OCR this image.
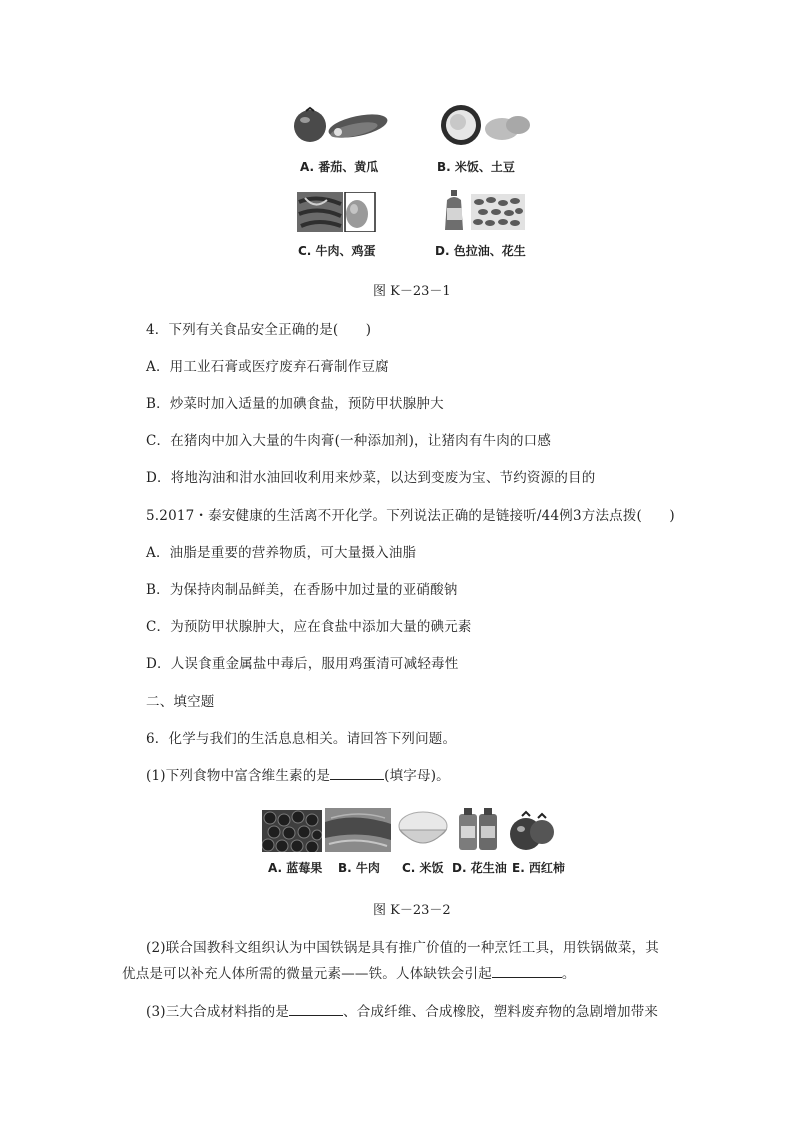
A. 番茄、黄瓜	B. 米饭、土豆
C. 牛肉、鸡蛋	D. 色拉油、花生
图 K－23－1
4．下列有关食品安全正确的是(　　)
A．用工业石膏或医疗废弃石膏制作豆腐
B．炒菜时加入适量的加碘食盐，预防甲状腺肿大
C．在猪肉中加入大量的牛肉膏(一种添加剂)，让猪肉有牛肉的口感
D．将地沟油和泔水油回收利用来炒菜，以达到变废为宝、节约资源的目的
5.2017・泰安健康的生活离不开化学。下列说法正确的是链接听/44例3方法点拨(　　)
A．油脂是重要的营养物质，可大量摄入油脂
B．为保持肉制品鲜美，在香肠中加过量的亚硝酸钠
C．为预防甲状腺肿大，应在食盐中添加大量的碘元素
D．人误食重金属盐中毒后，服用鸡蛋清可减轻毒性
二、填空题
6．化学与我们的生活息息相关。请回答下列问题。
(1)下列食物中富含维生素的是	(填字母)。
A. 蓝莓果 B. 牛肉 C. 米饭 D. 花生油 E. 西红柿
图 K－23－2
(2)联合国教科文组织认为中国铁锅是具有推广价值的一种烹饪工具，用铁锅做菜，其
优点是可以补充人体所需的微量元素——铁。人体缺铁会引起	。
(3)三大合成材料指的是	、合成纤维、合成橡胶，塑料废弃物的急剧增加带来
